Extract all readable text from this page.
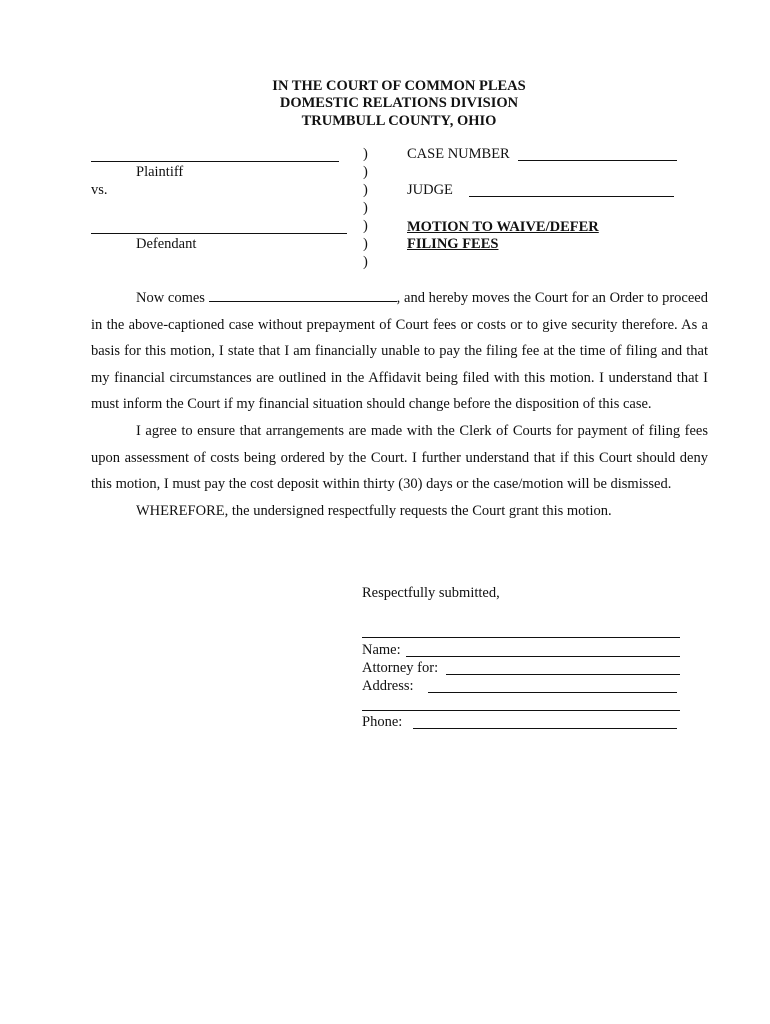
IN THE COURT OF COMMON PLEAS
DOMESTIC RELATIONS DIVISION
TRUMBULL COUNTY, OHIO
Plaintiff
vs.
Defendant
)
)
)
)
)
)
)
CASE NUMBER
JUDGE
MOTION TO WAIVE/DEFER
FILING FEES

Now comes	, and hereby moves the Court for an Order to proceed in the above-captioned case without prepayment of Court fees or costs or to give security therefore. As a basis for this motion, I state that I am financially unable to pay the filing fee at the time of filing and that my financial circumstances are outlined in the Affidavit being filed with this motion. I understand that I must inform the Court if my financial situation should change before the disposition of this case.

I agree to ensure that arrangements are made with the Clerk of Courts for payment of filing fees upon assessment of costs being ordered by the Court. I further understand that if this Court should deny this motion, I must pay the cost deposit within thirty (30) days or the case/motion will be dismissed.

WHEREFORE, the undersigned respectfully requests the Court grant this motion.

Respectfully submitted,
Name:
Attorney for:
Address:
Phone:
